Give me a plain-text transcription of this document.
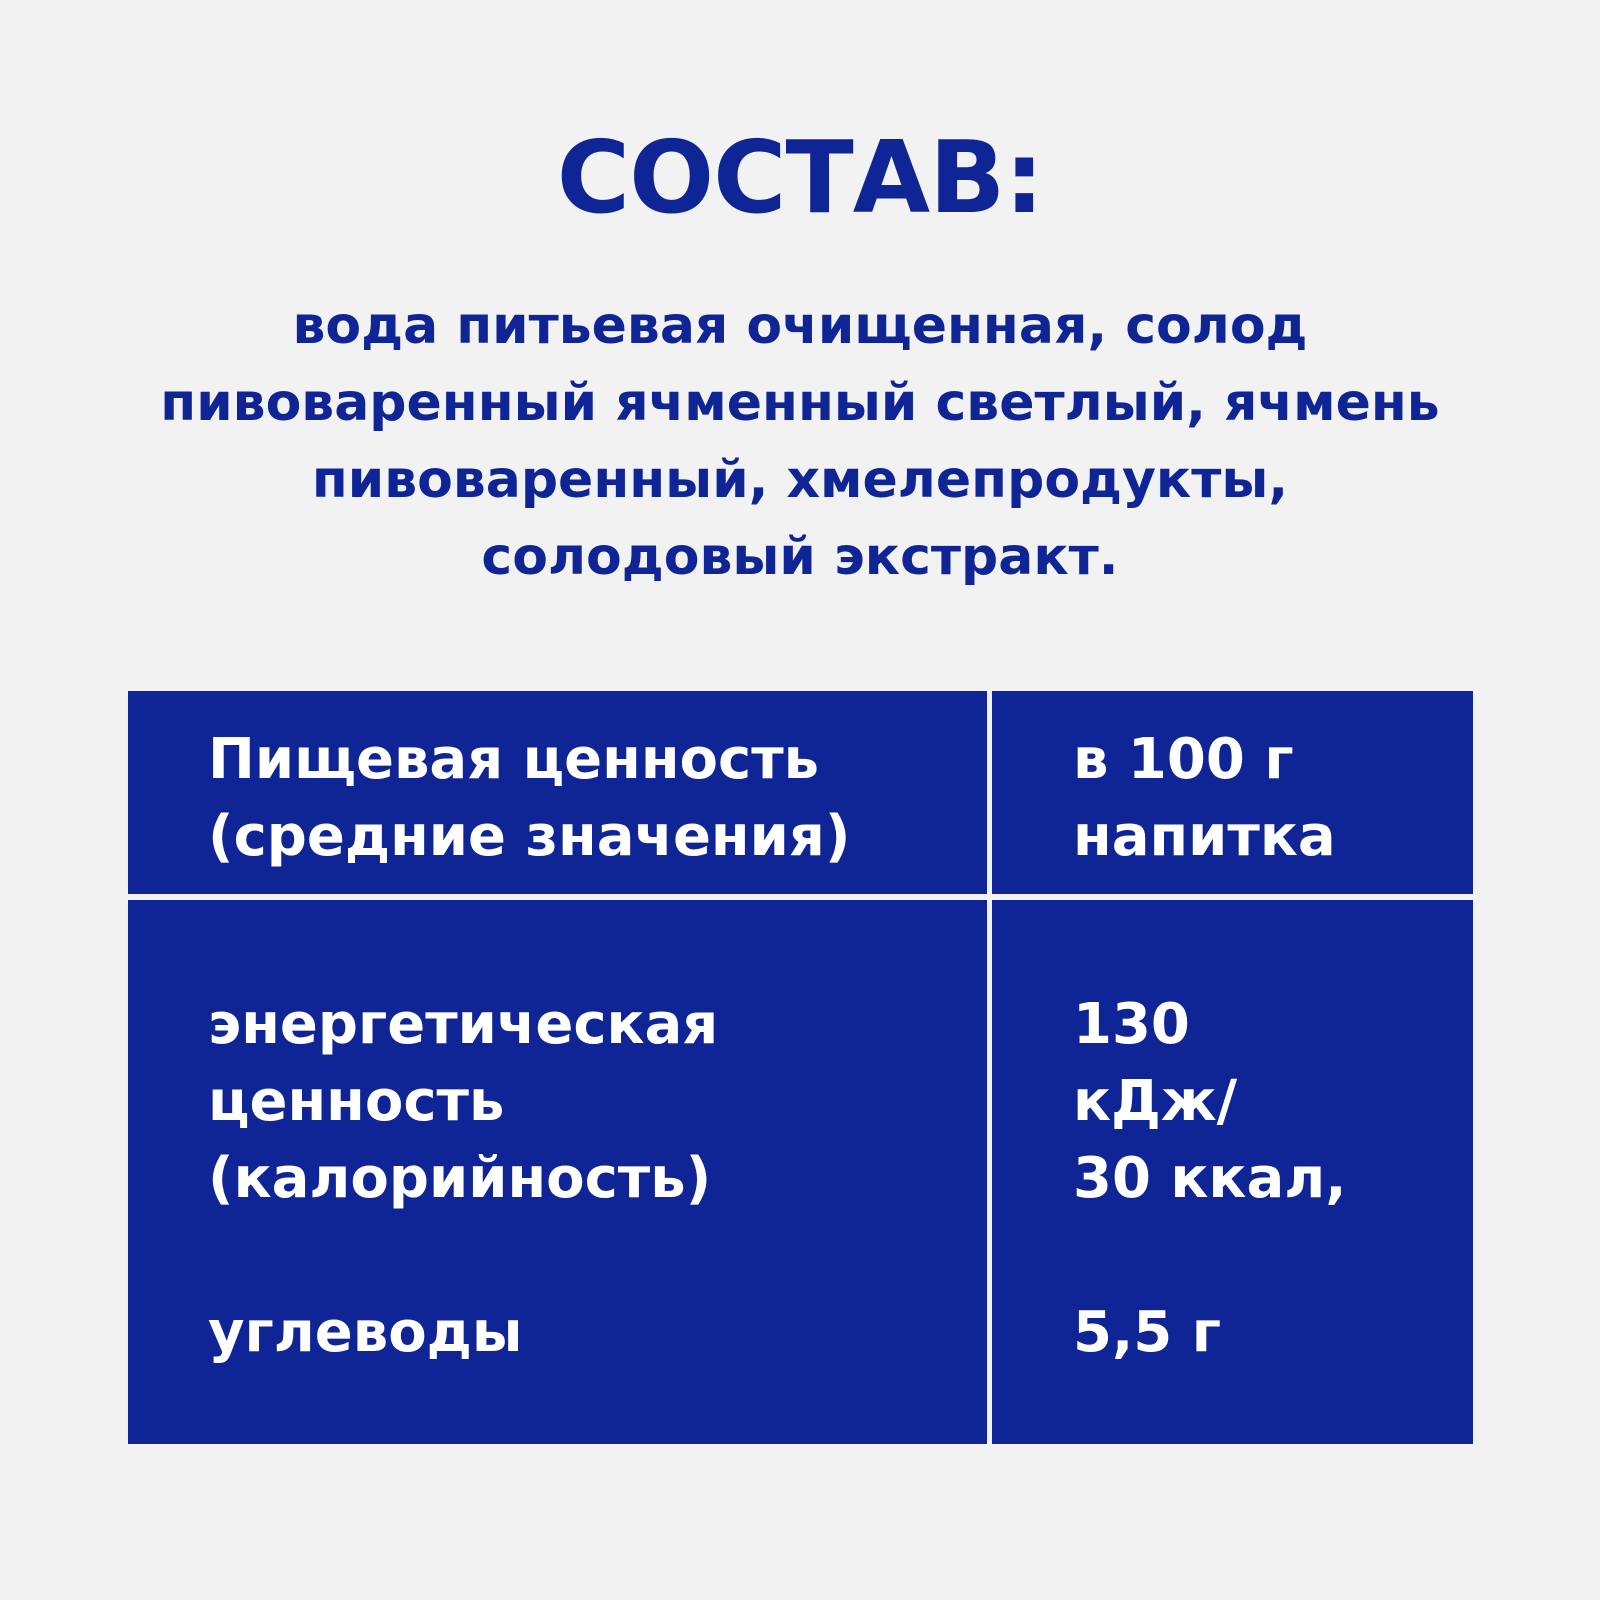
СОСТАВ:
вода питьевая очищенная, солод
пивоваренный ячменный светлый, ячмень
пивоваренный, хмелепродукты,
солодовый экстракт.
Пищевая ценность
(средние значения)
в 100 г
напитка
энергетическая
ценность
(калорийность)
углеводы
130
кДж/
30 ккал,
5,5 г
